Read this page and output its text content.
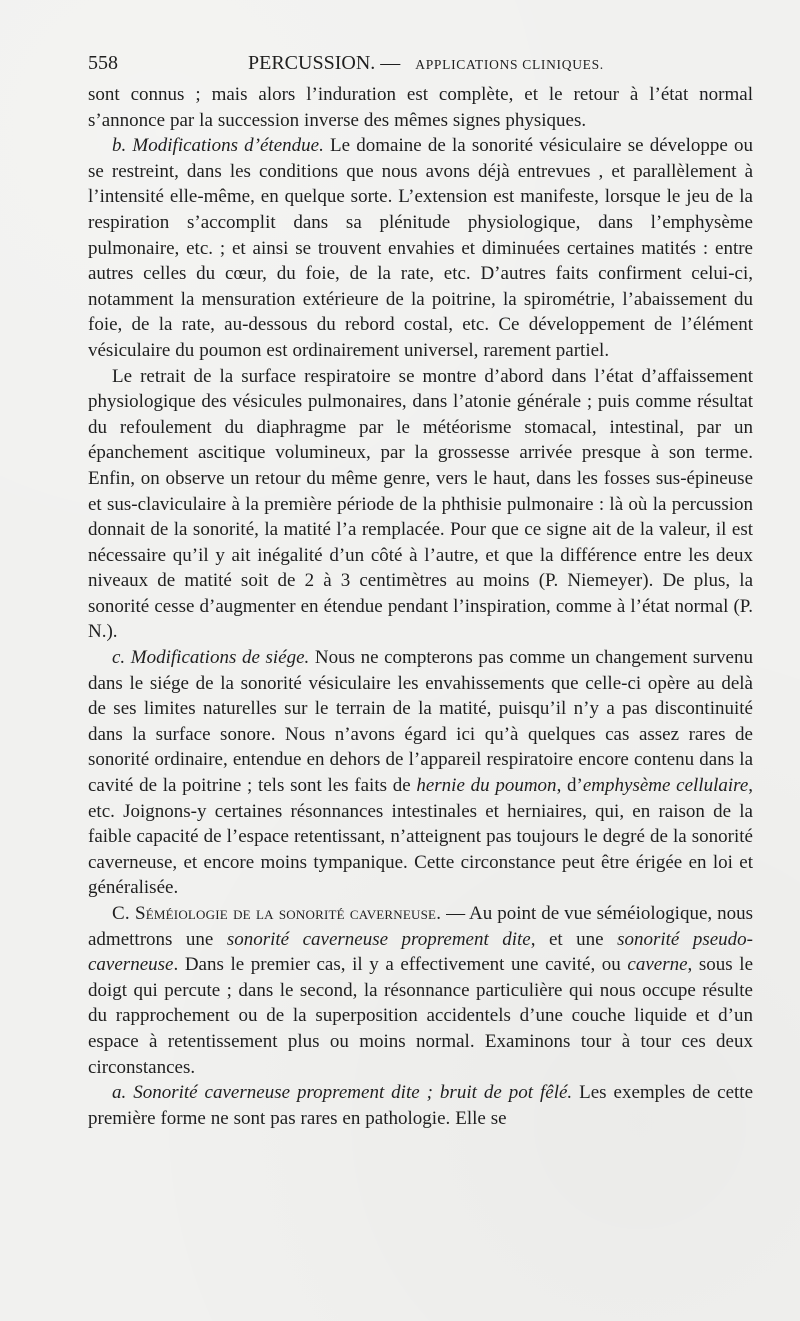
558	PERCUSSION. — APPLICATIONS CLINIQUES.

sont connus ; mais alors l’induration est complète, et le retour à l’état normal s’annonce par la succession inverse des mêmes signes physiques.

b. Modifications d’étendue. Le domaine de la sonorité vésiculaire se développe ou se restreint, dans les conditions que nous avons déjà entrevues , et parallèlement à l’intensité elle-même, en quelque sorte. L’extension est manifeste, lorsque le jeu de la respiration s’accomplit dans sa plénitude physiologique, dans l’emphysème pulmonaire, etc. ; et ainsi se trouvent envahies et diminuées certaines matités : entre autres celles du cœur, du foie, de la rate, etc. D’autres faits confirment celui-ci, notamment la mensuration extérieure de la poitrine, la spirométrie, l’abaissement du foie, de la rate, au-dessous du rebord costal, etc. Ce développement de l’élément vésiculaire du poumon est ordinairement universel, rarement partiel.

Le retrait de la surface respiratoire se montre d’abord dans l’état d’affaissement physiologique des vésicules pulmonaires, dans l’atonie générale ; puis comme résultat du refoulement du diaphragme par le météorisme stomacal, intestinal, par un épanchement ascitique volumineux, par la grossesse arrivée presque à son terme. Enfin, on observe un retour du même genre, vers le haut, dans les fosses sus-épineuse et sus-claviculaire à la première période de la phthisie pulmonaire : là où la percussion donnait de la sonorité, la matité l’a remplacée. Pour que ce signe ait de la valeur, il est nécessaire qu’il y ait inégalité d’un côté à l’autre, et que la différence entre les deux niveaux de matité soit de 2 à 3 centimètres au moins (P. Niemeyer). De plus, la sonorité cesse d’augmenter en étendue pendant l’inspiration, comme à l’état normal (P. N.).

c. Modifications de siége. Nous ne compterons pas comme un changement survenu dans le siége de la sonorité vésiculaire les envahissements que celle-ci opère au delà de ses limites naturelles sur le terrain de la matité, puisqu’il n’y a pas discontinuité dans la surface sonore. Nous n’avons égard ici qu’à quelques cas assez rares de sonorité ordinaire, entendue en dehors de l’appareil respiratoire encore contenu dans la cavité de la poitrine ; tels sont les faits de hernie du poumon, d’emphysème cellulaire, etc. Joignons-y certaines résonnances intestinales et herniaires, qui, en raison de la faible capacité de l’espace retentissant, n’atteignent pas toujours le degré de la sonorité caverneuse, et encore moins tympanique. Cette circonstance peut être érigée en loi et généralisée.

C. Séméiologie de la sonorité caverneuse. — Au point de vue séméiologique, nous admettrons une sonorité caverneuse proprement dite, et une sonorité pseudo-caverneuse. Dans le premier cas, il y a effectivement une cavité, ou caverne, sous le doigt qui percute ; dans le second, la résonnance particulière qui nous occupe résulte du rapprochement ou de la superposition accidentels d’une couche liquide et d’un espace à retentissement plus ou moins normal. Examinons tour à tour ces deux circonstances.

a. Sonorité caverneuse proprement dite ; bruit de pot fêlé. Les exemples de cette première forme ne sont pas rares en pathologie. Elle se
